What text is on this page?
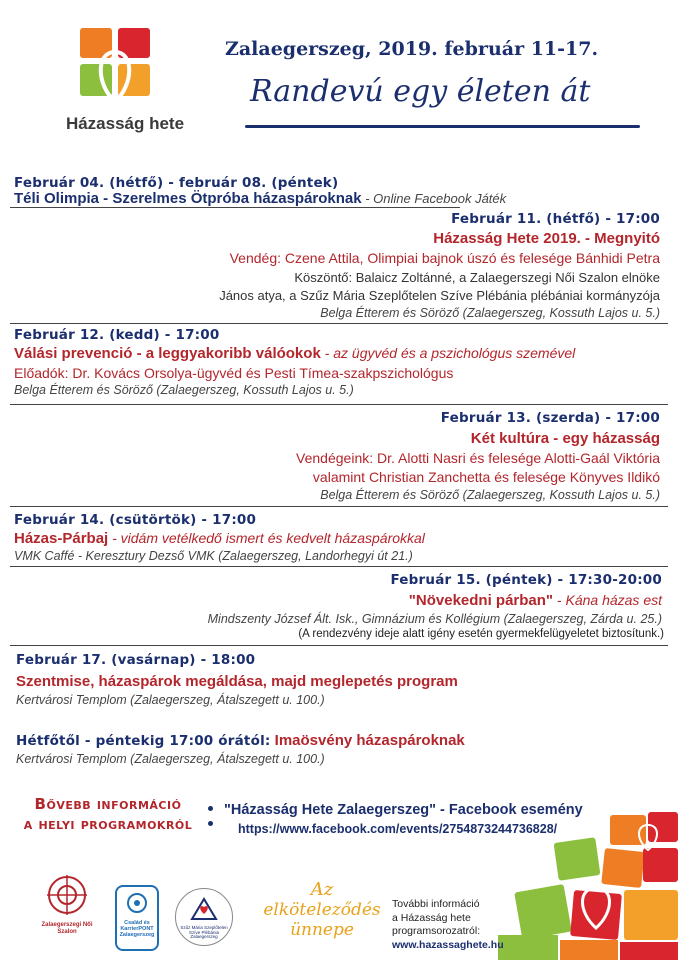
Házasság hete
Zalaegerszeg, 2019. február 11-17.
Randevú egy életen át
Február 04. (hétfő) - február 08. (péntek)
Téli Olimpia - Szerelmes Ötpróba házaspároknak - Online Facebook Játék
Február 11. (hétfő) - 17:00
Házasság Hete 2019. - Megnyitó
Vendég: Czene Attila, Olimpiai bajnok úszó és felesége Bánhidi Petra
Köszöntő: Balaicz Zoltánné, a Zalaegerszegi Női Szalon elnöke
János atya, a Szűz Mária Szeplőtelen Szíve Plébánia plébániai kormányzója
Belga Étterem és Söröző (Zalaegerszeg, Kossuth Lajos u. 5.)
Február 12. (kedd) - 17:00
Válási prevenció - a leggyakoribb válóokok - az ügyvéd és a pszichológus szemével
Előadók: Dr. Kovács Orsolya-ügyvéd és Pesti Tímea-szakpszichológus
Belga Étterem és Söröző (Zalaegerszeg, Kossuth Lajos u. 5.)
Február 13. (szerda) - 17:00
Két kultúra - egy házasság
Vendégeink: Dr. Alotti Nasri és felesége Alotti-Gaál Viktória
valamint Christian Zanchetta és felesége Könyves Ildikó
Belga Étterem és Söröző (Zalaegerszeg, Kossuth Lajos u. 5.)
Február 14. (csütörtök) - 17:00
Házas-Párbaj - vidám vetélkedő ismert és kedvelt házaspárokkal
VMK Caffé - Keresztury Dezső VMK (Zalaegerszeg, Landorhegyi út 21.)
Február 15. (péntek) - 17:30-20:00
"Növekedni párban" - Kána házas est
Mindszenty József Ált. Isk., Gimnázium és Kollégium (Zalaegerszeg, Zárda u. 25.)
(A rendezvény ideje alatt igény esetén gyermekfelügyeletet biztosítunk.)
Február 17. (vasárnap) - 18:00
Szentmise, házaspárok megáldása, majd meglepetés program
Kertvárosi Templom (Zalaegerszeg, Átalszegett u. 100.)
Hétfőtől - péntekig 17:00 órától: Imaösvény házaspároknak
Kertvárosi Templom (Zalaegerszeg, Átalszegett u. 100.)
Bővebb információ
a helyi programokról
"Házasság Hete Zalaegerszeg" - Facebook esemény
https://www.facebook.com/events/2754873244736828/
Zalaegerszegi Női Szalon
Család és KarrierPONT Zalaegerszeg
Szűz Mária Szeplőtelen Szíve Plébánia Zalaegerszeg
Az
elköteleződés
ünnepe
További információ
a Házasság hete
programsorozatról:
www.hazassaghete.hu
